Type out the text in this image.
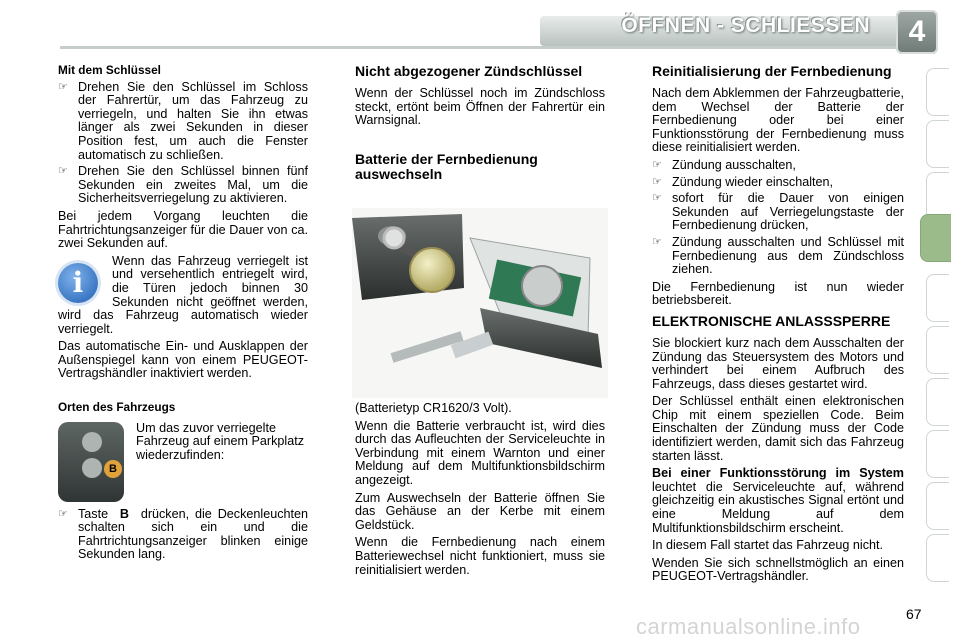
ÖFFNEN - SCHLIESSEN	4
Mit dem Schlüssel
☞ Drehen Sie den Schlüssel im Schloss der Fahrertür, um das Fahrzeug zu verriegeln, und halten Sie ihn etwas länger als zwei Sekunden in dieser Position fest, um auch die Fenster automatisch zu schließen.
☞ Drehen Sie den Schlüssel binnen fünf Sekunden ein zweites Mal, um die Sicherheitsverriegelung zu aktivieren.

Bei jedem Vorgang leuchten die Fahrtrichtungsanzeiger für die Dauer von ca. zwei Sekunden auf.

i

Wenn das Fahrzeug verriegelt ist und versehentlich entriegelt wird, die Türen jedoch binnen 30 Sekunden nicht geöffnet werden, wird das Fahrzeug automatisch wieder verriegelt.

Das automatische Ein- und Ausklappen der Außenspiegel kann von einem PEUGEOT-Vertragshändler inaktiviert werden.

Orten des Fahrzeugs
B

Um das zuvor verriegelte Fahrzeug auf einem Parkplatz wiederzufinden:

☞ Taste B drücken, die Deckenleuchten schalten sich ein und die Fahrtrichtungsanzeiger blinken einige Sekunden lang.
Nicht abgezogener Zündschlüssel

Wenn der Schlüssel noch im Zündschloss steckt, ertönt beim Öffnen der Fahrertür ein Warnsignal.

Batterie der Fernbedienung auswechseln

(Batterietyp CR1620/3 Volt).

Wenn die Batterie verbraucht ist, wird dies durch das Aufleuchten der Serviceleuchte in Verbindung mit einem Warnton und einer Meldung auf dem Multifunktionsbildschirm angezeigt.

Zum Auswechseln der Batterie öffnen Sie das Gehäuse an der Kerbe mit einem Geldstück.

Wenn die Fernbedienung nach einem Batteriewechsel nicht funktioniert, muss sie reinitialisiert werden.

Reinitialisierung der Fernbedienung

Nach dem Abklemmen der Fahrzeugbatterie, dem Wechsel der Batterie der Fernbedienung oder bei einer Funktionsstörung der Fernbedienung muss diese reinitialisiert werden.

☞ Zündung ausschalten,
☞ Zündung wieder einschalten,
☞ sofort für die Dauer von einigen Sekunden auf Verriegelungstaste der Fernbedienung drücken,
☞ Zündung ausschalten und Schlüssel mit Fernbedienung aus dem Zündschloss ziehen.

Die Fernbedienung ist nun wieder betriebsbereit.

ELEKTRONISCHE ANLASSSPERRE

Sie blockiert kurz nach dem Ausschalten der Zündung das Steuersystem des Motors und verhindert bei einem Aufbruch des Fahrzeugs, dass dieses gestartet wird.

Der Schlüssel enthält einen elektronischen Chip mit einem speziellen Code. Beim Einschalten der Zündung muss der Code identifiziert werden, damit sich das Fahrzeug starten lässt.

Bei einer Funktionsstörung im System leuchtet die Serviceleuchte auf, während gleichzeitig ein akustisches Signal ertönt und eine Meldung auf dem Multifunktionsbildschirm erscheint.

In diesem Fall startet das Fahrzeug nicht.

Wenden Sie sich schnellstmöglich an einen PEUGEOT-Vertragshändler.

carmanualsonline.info	67
